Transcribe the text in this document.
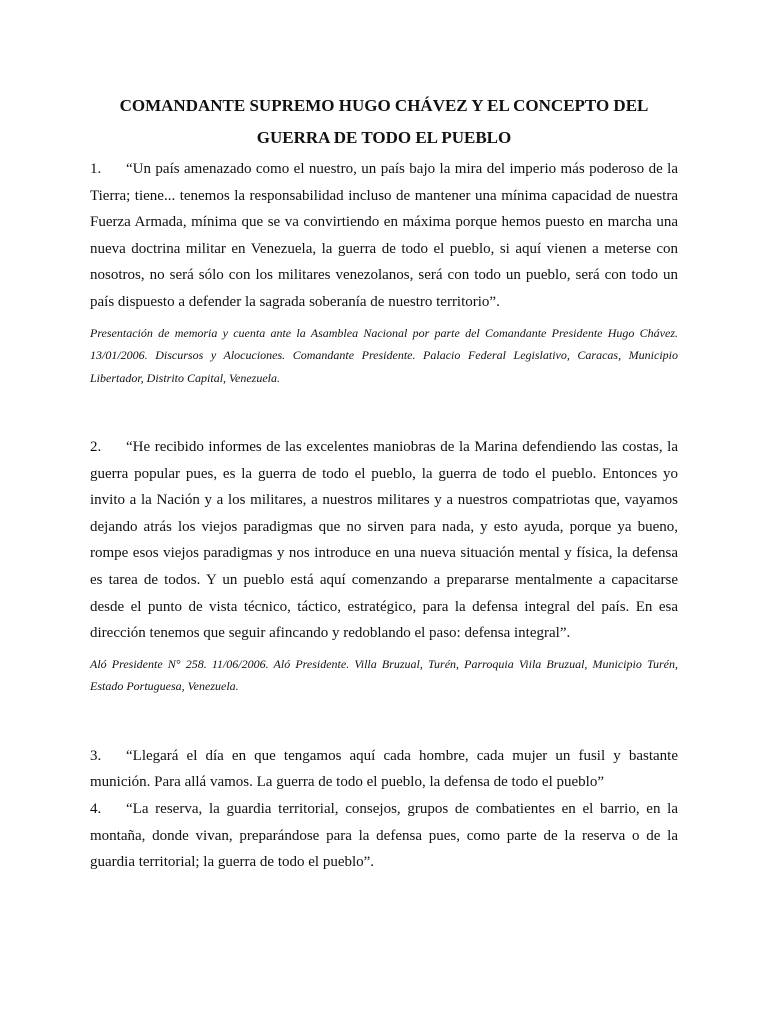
COMANDANTE SUPREMO HUGO CHÁVEZ Y EL CONCEPTO DEL GUERRA DE TODO EL PUEBLO

1.	“Un país amenazado como el nuestro, un país bajo la mira del imperio más poderoso de la Tierra; tiene... tenemos la responsabilidad incluso de mantener una mínima capacidad de nuestra Fuerza Armada, mínima que se va convirtiendo en máxima porque hemos puesto en marcha una nueva doctrina militar en Venezuela, la guerra de todo el pueblo, si aquí vienen a meterse con nosotros, no será sólo con los militares venezolanos, será con todo un pueblo, será con todo un país dispuesto a defender la sagrada soberanía de nuestro territorio”.

Presentación de memoria y cuenta ante la Asamblea Nacional por parte del Comandante Presidente Hugo Chávez. 13/01/2006. Discursos y Alocuciones. Comandante Presidente. Palacio Federal Legislativo, Caracas, Municipio Libertador, Distrito Capital, Venezuela.

2.	“He recibido informes de las excelentes maniobras de la Marina defendiendo las costas, la guerra popular pues, es la guerra de todo el pueblo, la guerra de todo el pueblo. Entonces yo invito a la Nación y a los militares, a nuestros militares y a nuestros compatriotas que, vayamos dejando atrás los viejos paradigmas que no sirven para nada, y esto ayuda, porque ya bueno, rompe esos viejos paradigmas y nos introduce en una nueva situación mental y física, la defensa es tarea de todos. Y un pueblo está aquí comenzando a prepararse mentalmente a capacitarse desde el punto de vista técnico, táctico, estratégico, para la defensa integral del país. En esa dirección tenemos que seguir afincando y redoblando el paso: defensa integral”.

Aló Presidente N° 258. 11/06/2006. Aló Presidente. Villa Bruzual, Turén, Parroquia Viila Bruzual, Municipio Turén, Estado Portuguesa, Venezuela.

3.	“Llegará el día en que tengamos aquí cada hombre, cada mujer un fusil y bastante munición. Para allá vamos. La guerra de todo el pueblo, la defensa de todo el pueblo”

4.	“La reserva, la guardia territorial, consejos, grupos de combatientes en el barrio, en la montaña, donde vivan, preparándose para la defensa pues, como parte de la reserva o de la guardia territorial; la guerra de todo el pueblo”.
